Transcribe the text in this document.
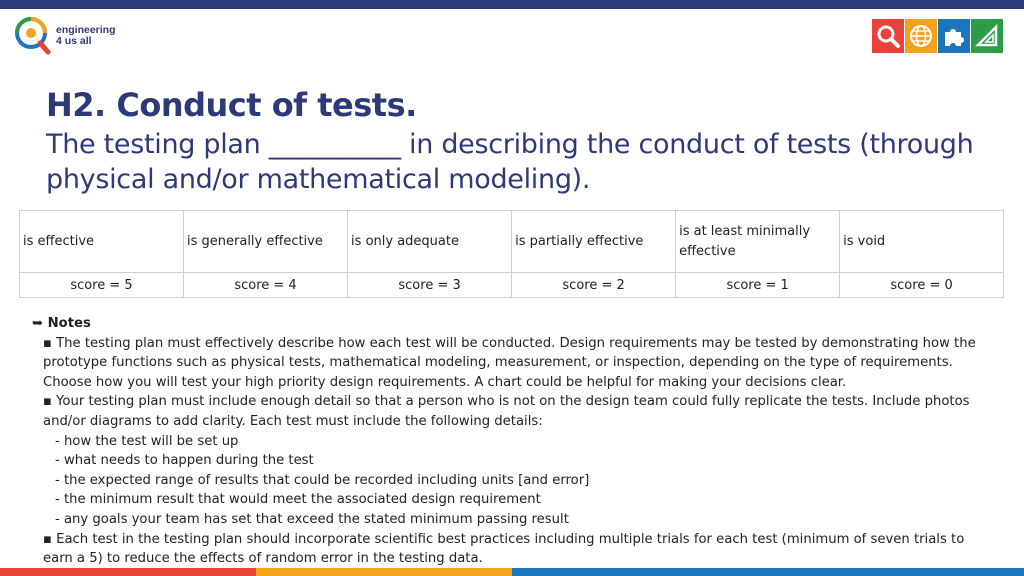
engineering
4 us all
H2. Conduct of tests.

The testing plan __________ in describing the conduct of tests (through physical and/or mathematical modeling).

is effective	is generally effective	is only adequate	is partially effective	is at least minimally effective	is void
score = 5	score = 4	score = 3	score = 2	score = 1	score = 0

➥ Notes

▪ The testing plan must effectively describe how each test will be conducted. Design requirements may be tested by demonstrating how the prototype functions such as physical tests, mathematical modeling, measurement, or inspection, depending on the type of requirements. Choose how you will test your high priority design requirements. A chart could be helpful for making your decisions clear.

▪ Your testing plan must include enough detail so that a person who is not on the design team could fully replicate the tests. Include photos and/or diagrams to add clarity. Each test must include the following details:

- how the test will be set up

- what needs to happen during the test

- the expected range of results that could be recorded including units [and error]

- the minimum result that would meet the associated design requirement

- any goals your team has set that exceed the stated minimum passing result

▪ Each test in the testing plan should incorporate scientific best practices including multiple trials for each test (minimum of seven trials to earn a 5) to reduce the effects of random error in the testing data.
